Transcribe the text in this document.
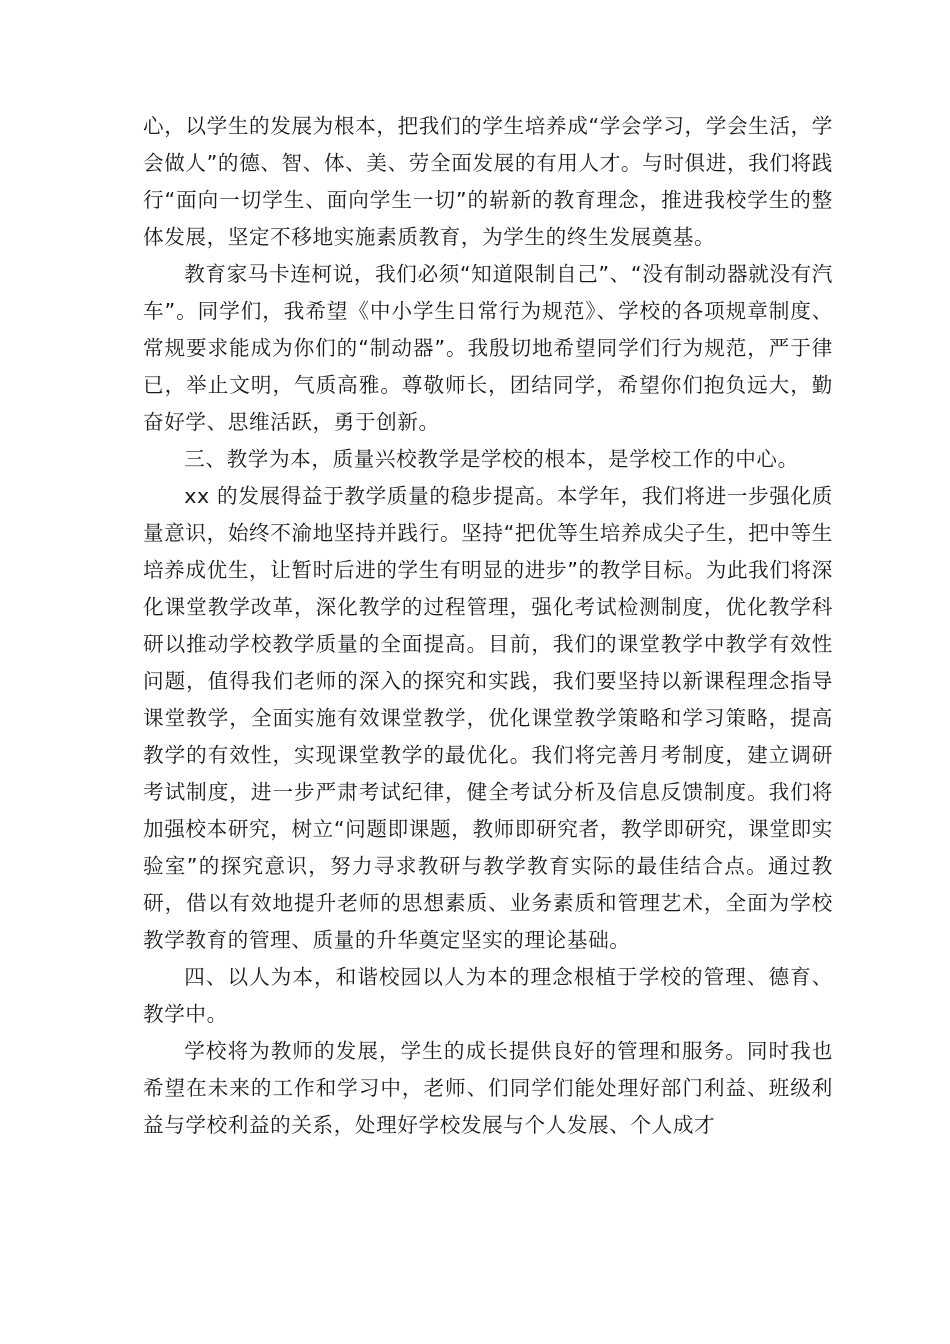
心，以学生的发展为根本，把我们的学生培养成“学会学习，学会生活，学会做人”的德、智、体、美、劳全面发展的有用人才。与时俱进，我们将践行“面向一切学生、面向学生一切”的崭新的教育理念，推进我校学生的整体发展，坚定不移地实施素质教育，为学生的终生发展奠基。

教育家马卡连柯说，我们必须“知道限制自己”、“没有制动器就没有汽车”。同学们，我希望《中小学生日常行为规范》、学校的各项规章制度、常规要求能成为你们的“制动器”。我殷切地希望同学们行为规范，严于律已，举止文明，气质高雅。尊敬师长，团结同学，希望你们抱负远大，勤奋好学、思维活跃，勇于创新。

三、教学为本，质量兴校教学是学校的根本，是学校工作的中心。

xx 的发展得益于教学质量的稳步提高。本学年，我们将进一步强化质量意识，始终不渝地坚持并践行。坚持“把优等生培养成尖子生，把中等生培养成优生，让暂时后进的学生有明显的进步”的教学目标。为此我们将深化课堂教学改革，深化教学的过程管理，强化考试检测制度，优化教学科研以推动学校教学质量的全面提高。目前，我们的课堂教学中教学有效性问题，值得我们老师的深入的探究和实践，我们要坚持以新课程理念指导课堂教学，全面实施有效课堂教学，优化课堂教学策略和学习策略，提高教学的有效性，实现课堂教学的最优化。我们将完善月考制度，建立调研考试制度，进一步严肃考试纪律，健全考试分析及信息反馈制度。我们将加强校本研究，树立“问题即课题，教师即研究者，教学即研究，课堂即实验室”的探究意识，努力寻求教研与教学教育实际的最佳结合点。通过教研，借以有效地提升老师的思想素质、业务素质和管理艺术，全面为学校教学教育的管理、质量的升华奠定坚实的理论基础。

四、以人为本，和谐校园以人为本的理念根植于学校的管理、德育、教学中。

学校将为教师的发展，学生的成长提供良好的管理和服务。同时我也希望在未来的工作和学习中，老师、们同学们能处理好部门利益、班级利益与学校利益的关系，处理好学校发展与个人发展、个人成才
